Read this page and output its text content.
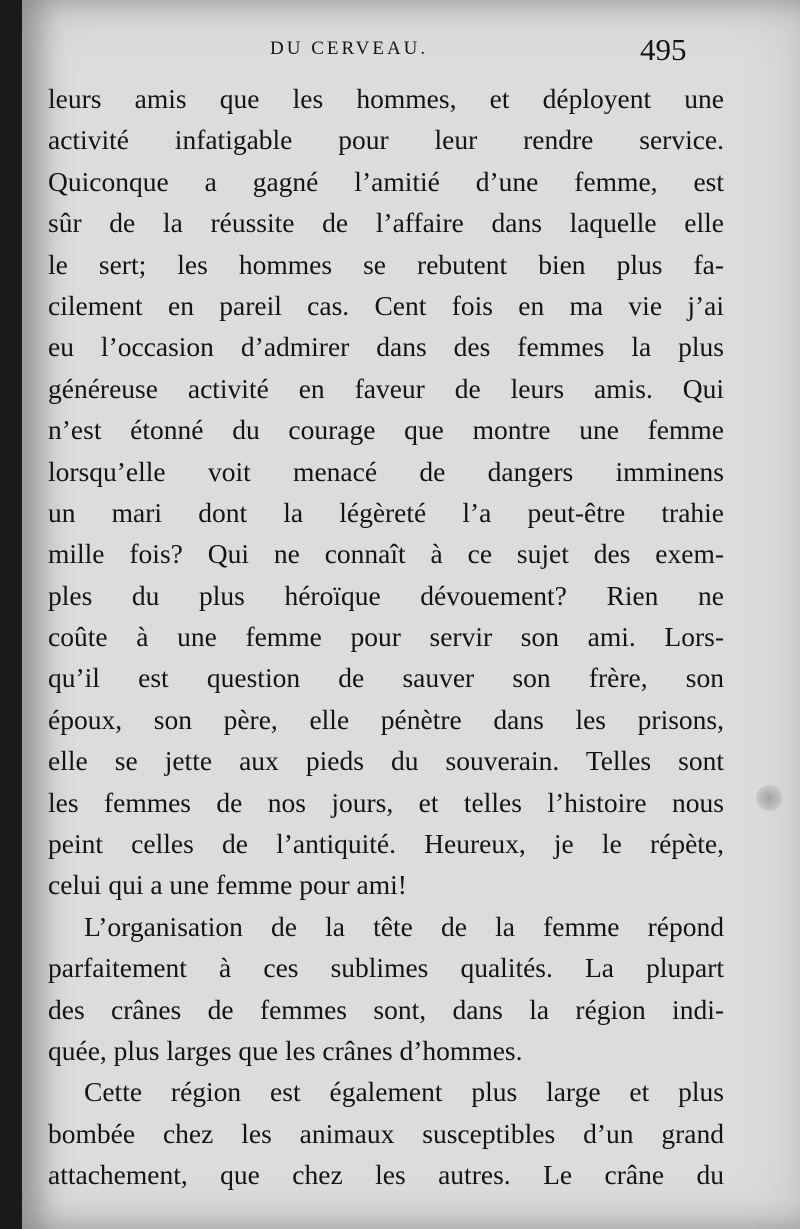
DU CERVEAU.	495
leurs amis que les hommes, et déployent une
activité infatigable pour leur rendre service.
Quiconque a gagné l’amitié d’une femme, est
sûr de la réussite de l’affaire dans laquelle elle
le sert; les hommes se rebutent bien plus fa-
cilement en pareil cas. Cent fois en ma vie j’ai
eu l’occasion d’admirer dans des femmes la plus
généreuse activité en faveur de leurs amis. Qui
n’est étonné du courage que montre une femme
lorsqu’elle voit menacé de dangers imminens
un mari dont la légèreté l’a peut-être trahie
mille fois? Qui ne connaît à ce sujet des exem-
ples du plus héroïque dévouement? Rien ne
coûte à une femme pour servir son ami. Lors-
qu’il est question de sauver son frère, son
époux, son père, elle pénètre dans les prisons,
elle se jette aux pieds du souverain. Telles sont
les femmes de nos jours, et telles l’histoire nous
peint celles de l’antiquité. Heureux, je le répète,
celui qui a une femme pour ami!
L’organisation de la tête de la femme répond
parfaitement à ces sublimes qualités. La plupart
des crânes de femmes sont, dans la région indi-
quée, plus larges que les crânes d’hommes.
Cette région est également plus large et plus
bombée chez les animaux susceptibles d’un grand
attachement, que chez les autres. Le crâne du
